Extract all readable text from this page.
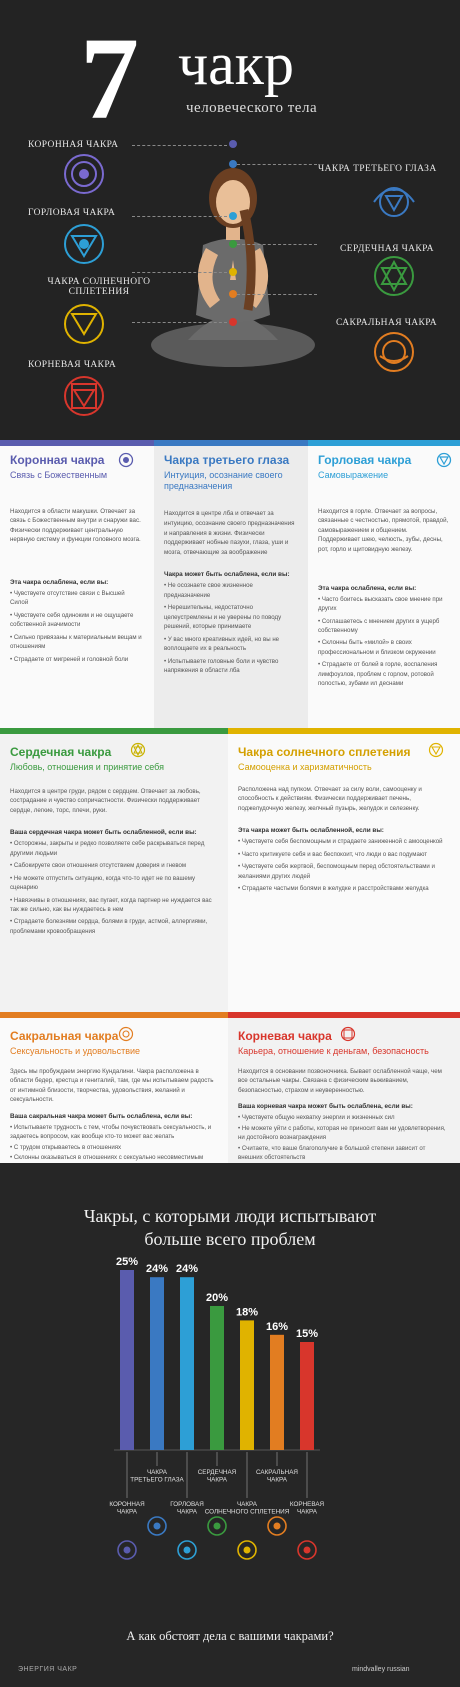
7 чакр
человеческого тела
КОРОННАЯ ЧАКРА
ГОРЛОВАЯ ЧАКРА
ЧАКРА СОЛНЕЧНОГО СПЛЕТЕНИЯ
КОРНЕВАЯ ЧАКРА
ЧАКРА ТРЕТЬЕГО ГЛАЗА
СЕРДЕЧНАЯ ЧАКРА
САКРАЛЬНАЯ ЧАКРА
Коронная чакра
Связь с Божественным
Находится в области макушки. Отвечает за связь с Божественным внутри и снаружи вас. Физически поддерживает центральную нервную систему и функции головного мозга.
Эта чакра ослаблена, если вы:
• Чувствуете отсутствие связи с Высшей Силой
• Чувствуете себя одиноким и не ощущаете собственной значимости
• Сильно привязаны к материальным вещам и отношениям
• Страдаете от мигреней и головной боли
Чакра третьего глаза
Интуиция, осознание своего предназначения
Находится в центре лба и отвечает за интуицию, осознание своего предназначения и направления в жизни. Физически поддерживает нобные пазухи, глаза, уши и мозга, отвечающие за воображение
Чакра может быть ослаблена, если вы:
• Не осознаете свое жизненное предназначение
• Нерешительны, недостаточно целеустремлены и не уверены по поводу решений, которые принимаете
• У вас много креативных идей, но вы не воплощаете их в реальность
• Испытываете головные боли и чувство напряжения в области лба
Горловая чакра
Самовыражение
Находится в горле. Отвечает за вопросы, связанные с честностью, прямотой, правдой, самовыражением и общением. Поддерживает шею, челюсть, зубы, десны, рот, горло и щитовидную железу.
Эта чакра ослаблена, если вы:
• Часто боитесь высказать свое мнение при других
• Соглашаетесь с мнением других в ущерб собственному
• Склонны быть «милой» в своих профессиональном и близком окружении
• Страдаете от болей в горле, воспаления лимфоузлов, проблем с горлом, ротовой полостью, зубами ил деснами
Сердечная чакра
Любовь, отношения и принятие себя
Находится в центре груди, рядом с сердцем. Отвечает за любовь, сострадание и чувство сопричастности. Физически поддерживает сердце, легкие, торс, плечи, руки.
Ваша сердечная чакра может быть ослабленной, если вы:
• Осторожны, закрыты и редко позволяете себе раскрываться перед другими людьми
• Сабокируете свои отношения отсутствием доверия и гневом
• Не можете отпустить ситуацию, когда что-то идет не по вашему сценарию
• Навязчивы в отношениях, вас пугает, когда партнер не нуждается вас так же сильно, как вы нуждаетесь в нем
• Страдаете болезнями сердца, болями в груди, астмой, аллергиями, проблемами кровообращения
Чакра солнечного сплетения
Самооценка и харизматичность
Расположена над пупком. Отвечает за силу воли, самооценку и способность к действиям. Физически поддерживает печень, поджелудочную железу, желчный пузырь, желудок и селезенку.
Эта чакра может быть ослабленной, если вы:
• Чувствуете себя беспомощным и страдаете заниженной с амооценкой
• Часто критикуете себя и вас беспокоит, что люди о вас подумают
• Чувствуете себя жертвой, беспомощным перед обстоятельствами и желаниями других людей
• Страдаете частыми болями в желудке и расстройствами желудка
Сакральная чакра
Сексуальность и удовольствие
Здесь мы пробуждаем энергию Кундалини. Чакра расположена в области бедер, крестца и гениталий, там, где мы испытываем радость от интимной близости, творчества, удовольствия, желаний и сексуальности.
Ваша сакральная чакра может быть ослаблена, если вы:
• Испытываете трудность с тем, чтобы почувствовать сексуальность, и задаетесь вопросом, как вообще кто-то может вас желать
• С трудом открываетесь в отношениях
• Склонны оказываться в отношениях с сексуально несовместимым
•
Корневая чакра
Карьера, отношение к деньгам, безопасность
Находится в основании позвоночника. Бывает ослабленной чаще, чем все остальные чакры. Связана с физическим выживанием, безопасностью, страхом и неуверенностью.
Ваша корневая чакра может быть ослаблена, если вы:
• Чувствуете общую нехватку энергии и жизненных сил
• Не можете уйти с работы, которая не приносит вам ни удовлетворения, ни достойного вознаграждения
• Считаете, что ваше благополучие в большой степени зависит от внешних обстоятельств
•
•
Чакры, с которыми люди испытывают
больше всего проблем
25%
КОРОННАЯ ЧАКРА
24%
ЧАКРА ТРЕТЬЕГО ГЛАЗА
24%
ГОРЛОВАЯ ЧАКРА
20%
СЕРДЕЧНАЯ ЧАКРА
18%
ЧАКРА СОЛНЕЧНОГО СПЛЕТЕНИЯ
16%
САКРАЛЬНАЯ ЧАКРА
15%
КОРНЕВАЯ ЧАКРА
А как обстоят дела с вашими чакрами?
ЭНЕРГИЯ ЧАКР	mindvalley russian
